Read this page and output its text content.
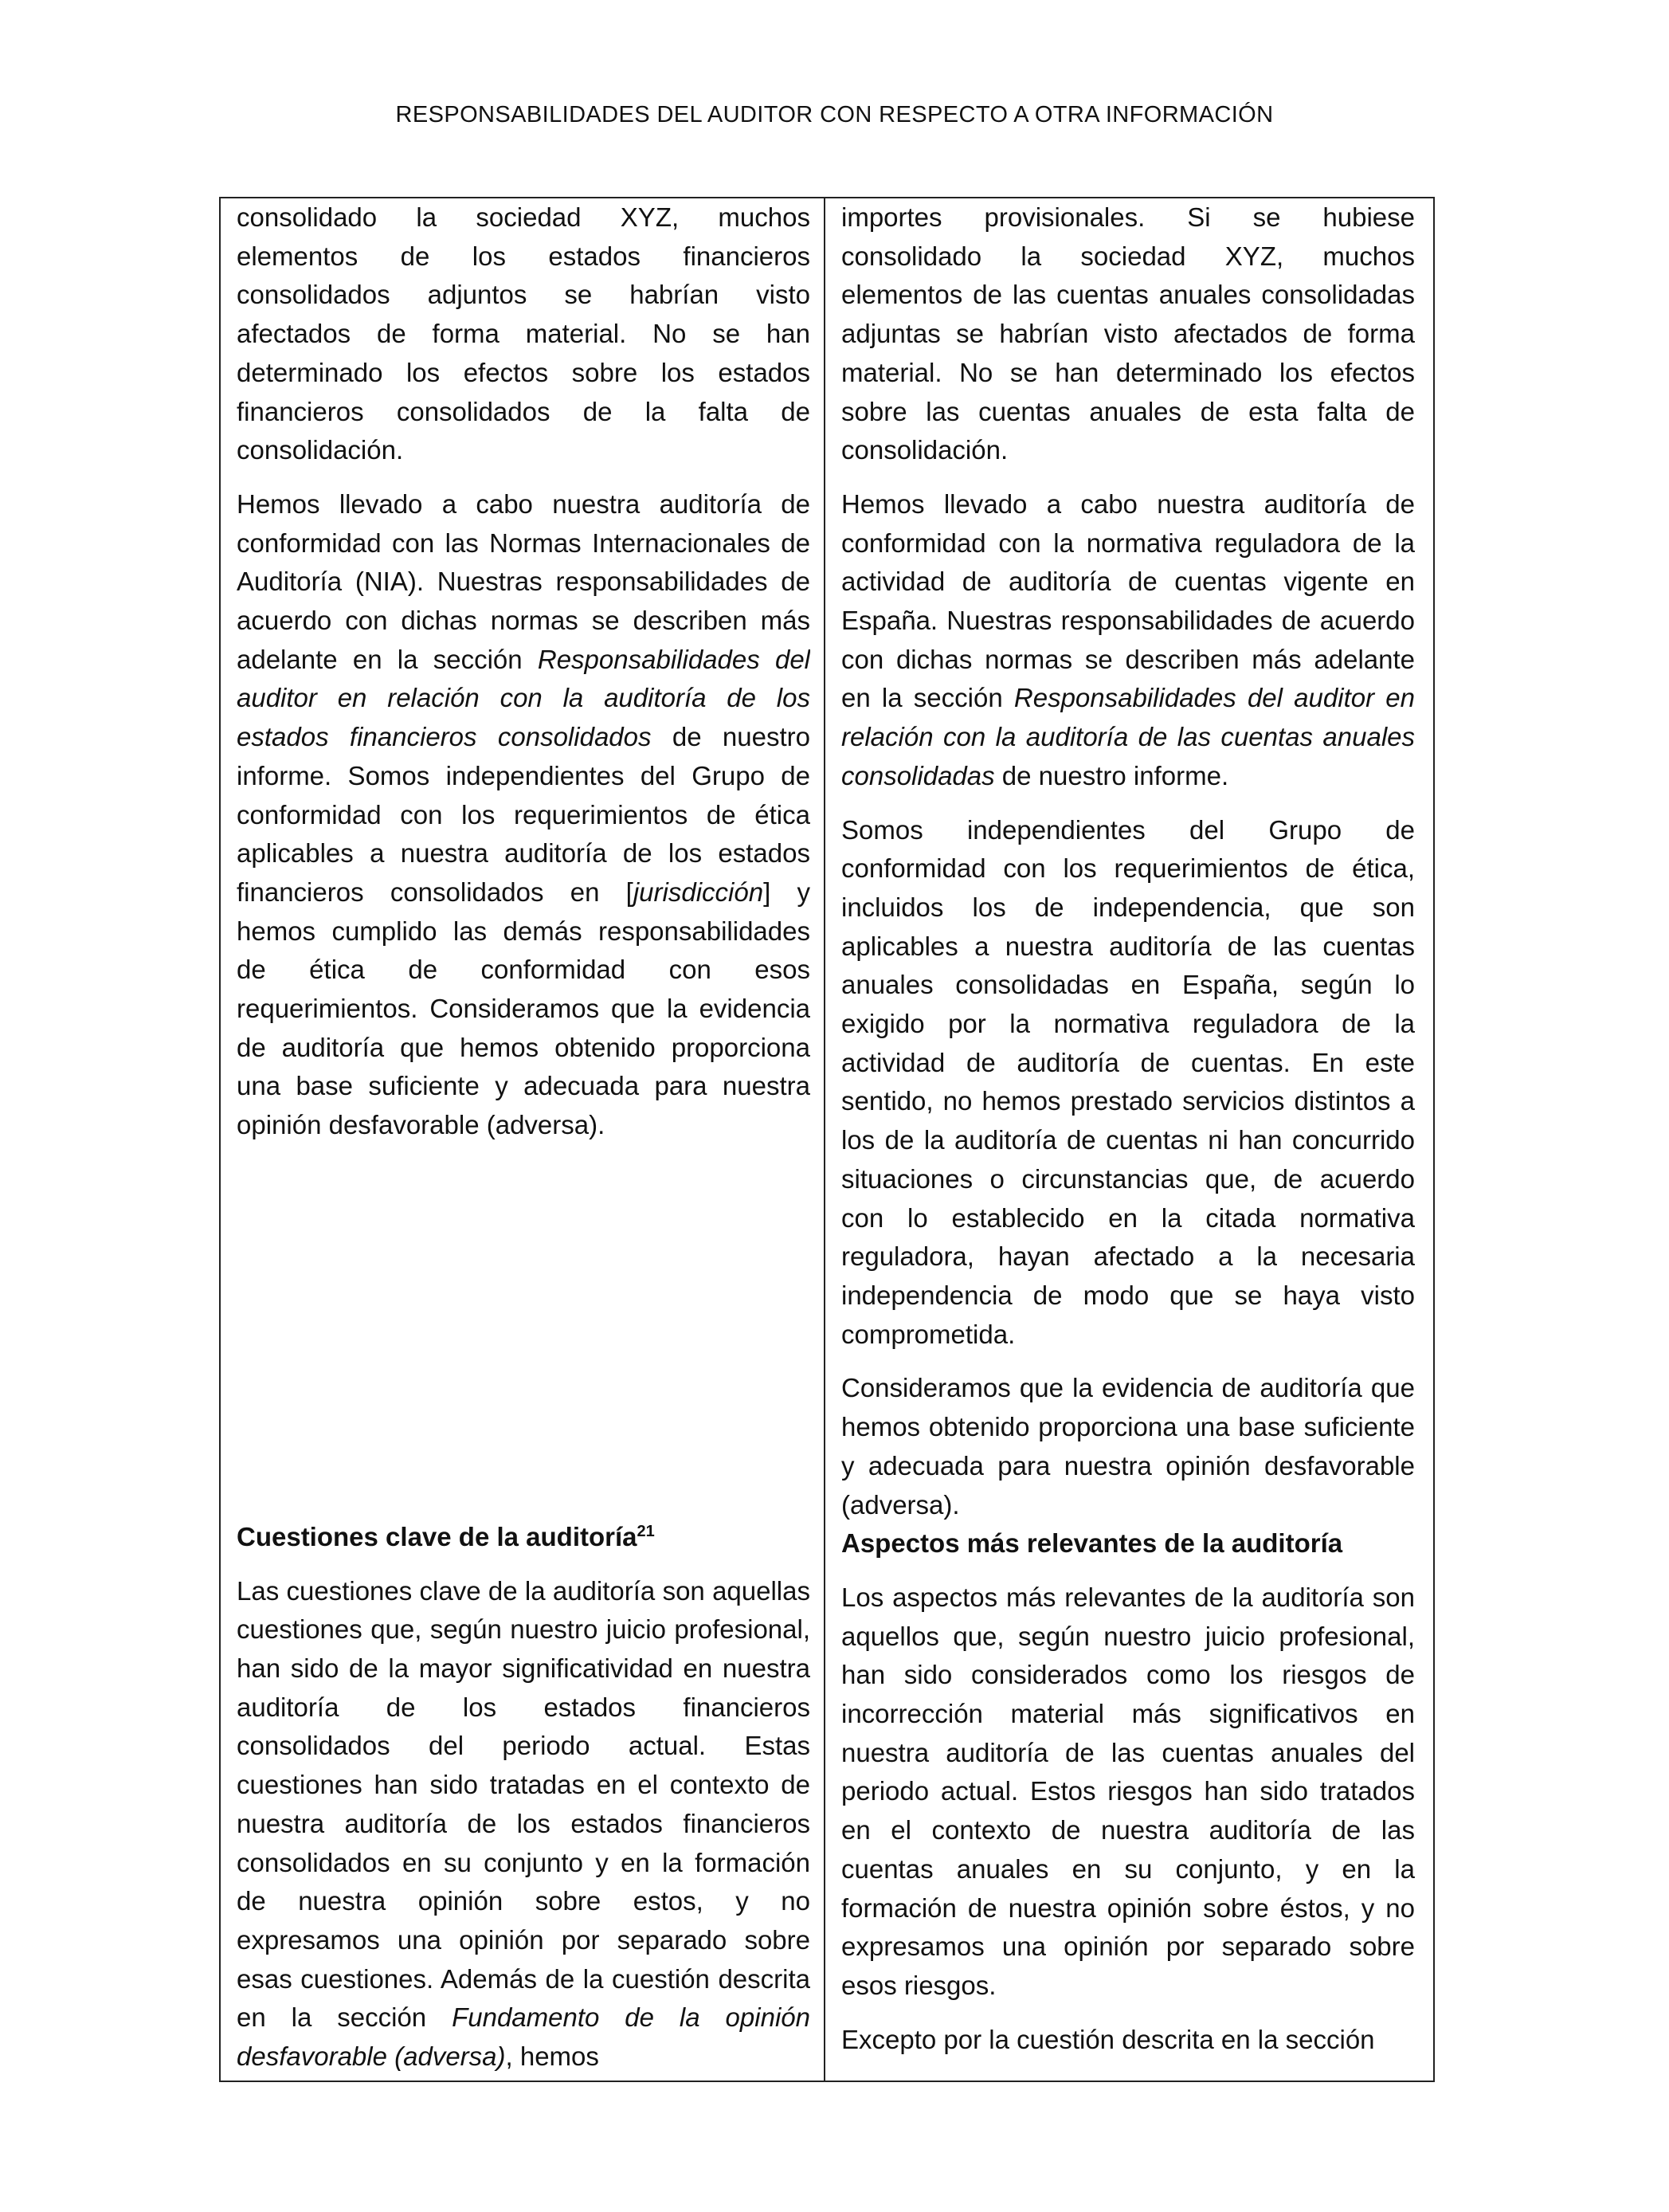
RESPONSABILIDADES DEL AUDITOR CON RESPECTO A OTRA INFORMACIÓN

consolidado la sociedad XYZ, muchos elementos de los estados financieros consolidados adjuntos se habrían visto afectados de forma material. No se han determinado los efectos sobre los estados financieros consolidados de la falta de consolidación.

Hemos llevado a cabo nuestra auditoría de conformidad con las Normas Internacionales de Auditoría (NIA). Nuestras responsabilidades de acuerdo con dichas normas se describen más adelante en la sección Responsabilidades del auditor en relación con la auditoría de los estados financieros consolidados de nuestro informe. Somos independientes del Grupo de conformidad con los requerimientos de ética aplicables a nuestra auditoría de los estados financieros consolidados en [jurisdicción] y hemos cumplido las demás responsabilidades de ética de conformidad con esos requerimientos. Consideramos que la evidencia de auditoría que hemos obtenido proporciona una base suficiente y adecuada para nuestra opinión desfavorable (adversa).

Cuestiones clave de la auditoría$^{21}$

Las cuestiones clave de la auditoría son aquellas cuestiones que, según nuestro juicio profesional, han sido de la mayor significatividad en nuestra auditoría de los estados financieros consolidados del periodo actual. Estas cuestiones han sido tratadas en el contexto de nuestra auditoría de los estados financieros consolidados en su conjunto y en la formación de nuestra opinión sobre estos, y no expresamos una opinión por separado sobre esas cuestiones. Además de la cuestión descrita en la sección Fundamento de la opinión desfavorable (adversa), hemos

importes provisionales. Si se hubiese consolidado la sociedad XYZ, muchos elementos de las cuentas anuales consolidadas adjuntas se habrían visto afectados de forma material. No se han determinado los efectos sobre las cuentas anuales de esta falta de consolidación.

Hemos llevado a cabo nuestra auditoría de conformidad con la normativa reguladora de la actividad de auditoría de cuentas vigente en España. Nuestras responsabilidades de acuerdo con dichas normas se describen más adelante en la sección Responsabilidades del auditor en relación con la auditoría de las cuentas anuales consolidadas de nuestro informe.

Somos independientes del Grupo de conformidad con los requerimientos de ética, incluidos los de independencia, que son aplicables a nuestra auditoría de las cuentas anuales consolidadas en España, según lo exigido por la normativa reguladora de la actividad de auditoría de cuentas. En este sentido, no hemos prestado servicios distintos a los de la auditoría de cuentas ni han concurrido situaciones o circunstancias que, de acuerdo con lo establecido en la citada normativa reguladora, hayan afectado a la necesaria independencia de modo que se haya visto comprometida.

Consideramos que la evidencia de auditoría que hemos obtenido proporciona una base suficiente y adecuada para nuestra opinión desfavorable (adversa).

Aspectos más relevantes de la auditoría

Los aspectos más relevantes de la auditoría son aquellos que, según nuestro juicio profesional, han sido considerados como los riesgos de incorrección material más significativos en nuestra auditoría de las cuentas anuales del periodo actual. Estos riesgos han sido tratados en el contexto de nuestra auditoría de las cuentas anuales en su conjunto, y en la formación de nuestra opinión sobre éstos, y no expresamos una opinión por separado sobre esos riesgos.

Excepto por la cuestión descrita en la sección
